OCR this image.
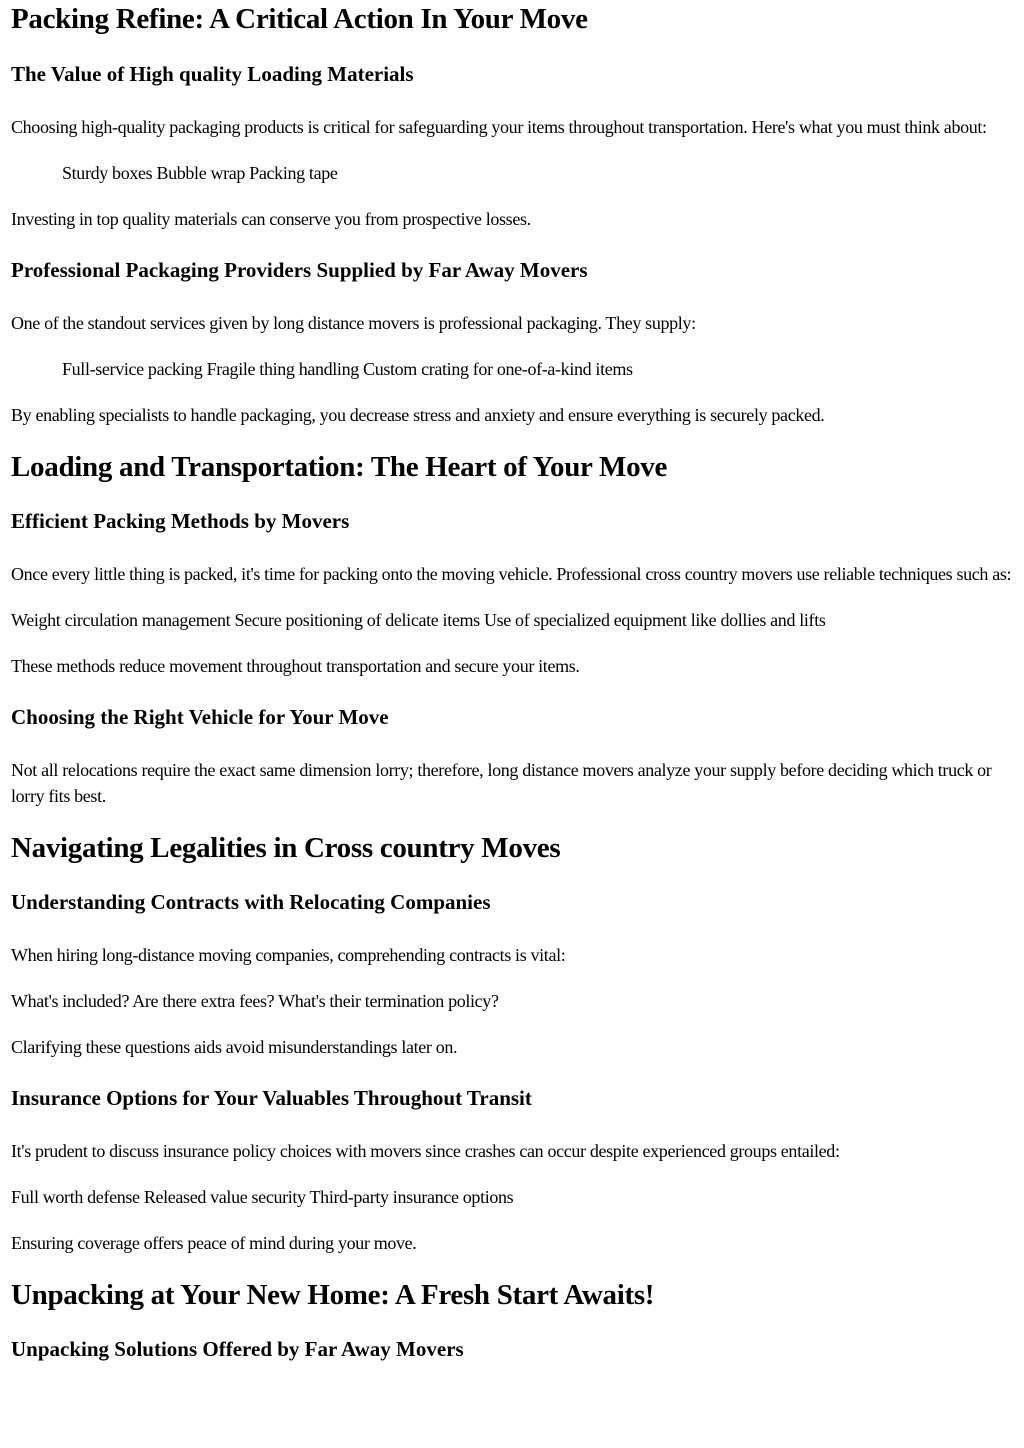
Packing Refine: A Critical Action In Your Move
The Value of High quality Loading Materials

Choosing high-quality packaging products is critical for safeguarding your items throughout transportation. Here's what you must think about:

Sturdy boxes Bubble wrap Packing tape

Investing in top quality materials can conserve you from prospective losses.

Professional Packaging Providers Supplied by Far Away Movers

One of the standout services given by long distance movers is professional packaging. They supply:

Full-service packing Fragile thing handling Custom crating for one-of-a-kind items

By enabling specialists to handle packaging, you decrease stress and anxiety and ensure everything is securely packed.

Loading and Transportation: The Heart of Your Move
Efficient Packing Methods by Movers

Once every little thing is packed, it's time for packing onto the moving vehicle. Professional cross country movers use reliable techniques such as:

Weight circulation management Secure positioning of delicate items Use of specialized equipment like dollies and lifts

These methods reduce movement throughout transportation and secure your items.

Choosing the Right Vehicle for Your Move

Not all relocations require the exact same dimension lorry; therefore, long distance movers analyze your supply before deciding which truck or lorry fits best.

Navigating Legalities in Cross country Moves
Understanding Contracts with Relocating Companies

When hiring long-distance moving companies, comprehending contracts is vital:

What's included? Are there extra fees? What's their termination policy?

Clarifying these questions aids avoid misunderstandings later on.

Insurance Options for Your Valuables Throughout Transit

It's prudent to discuss insurance policy choices with movers since crashes can occur despite experienced groups entailed:

Full worth defense Released value security Third-party insurance options

Ensuring coverage offers peace of mind during your move.

Unpacking at Your New Home: A Fresh Start Awaits!
Unpacking Solutions Offered by Far Away Movers
